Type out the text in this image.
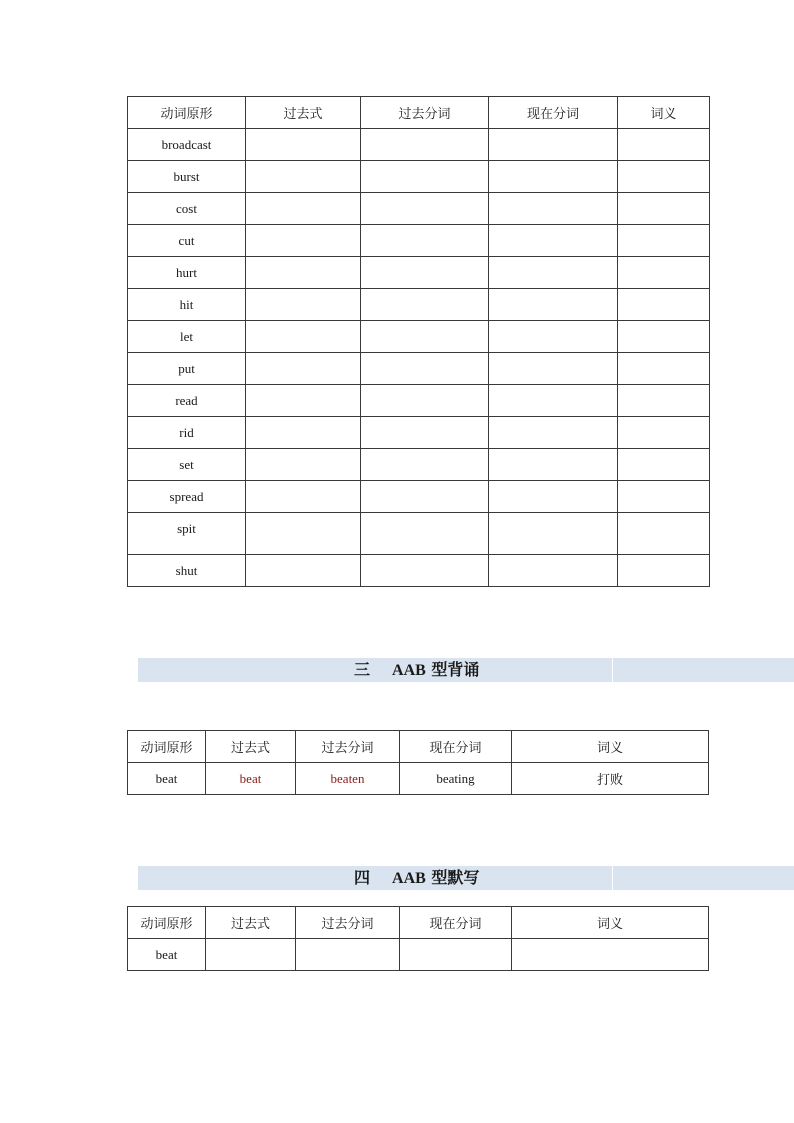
动词原形	过去式	过去分词	现在分词	词义
broadcast				
burst				
cost				
cut				
hurt				
hit				
let				
put				
read				
rid				
set				
spread				
spit				
shut				
三 AAB 型背诵
动词原形	过去式	过去分词	现在分词	词义
beat	beat	beaten	beating	打败
四 AAB 型默写
动词原形	过去式	过去分词	现在分词	词义
beat				
